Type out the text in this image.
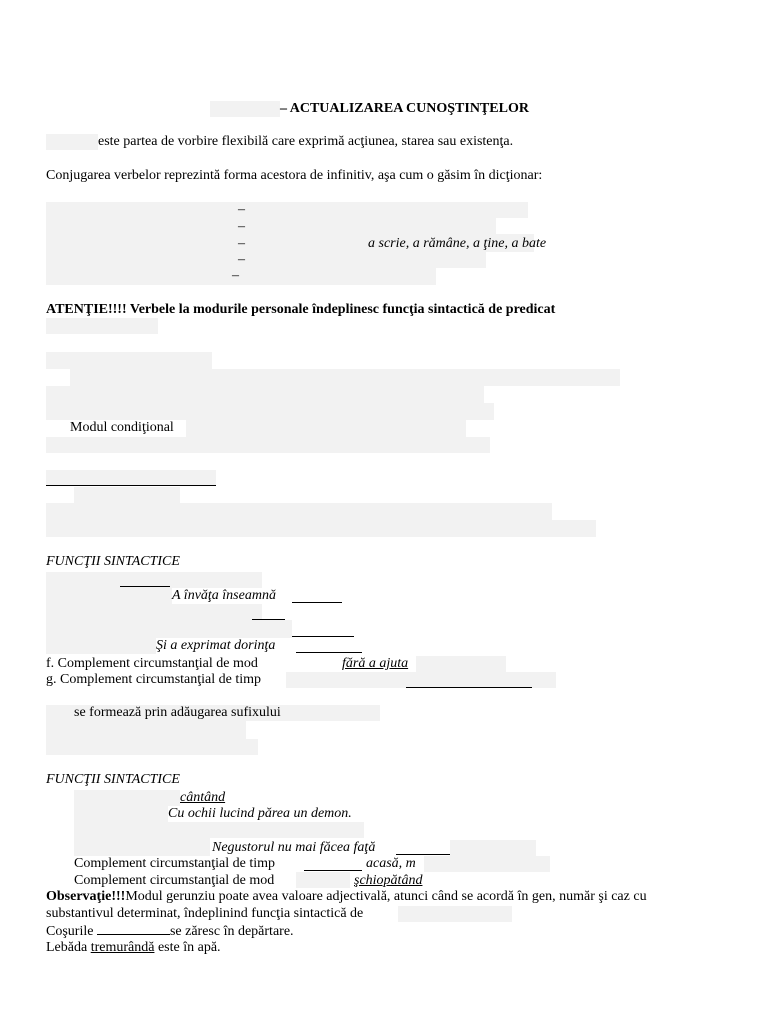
– ACTUALIZAREA CUNOŞTINŢELOR
este partea de vorbire flexibilă care exprimă acţiunea, starea sau existenţa.
Conjugarea verbelor reprezintă forma acestora de infinitiv, aşa cum o găsim în dicţionar:
–
–
–	a scrie, a rămâne, a ţine, a bate
–
–
ATENŢIE!!!! Verbele la modurile personale îndeplinesc funcţia sintactică de predicat
Modul condiţional
FUNCŢII SINTACTICE
A învăţa înseamnă
Şi a exprimat dorinţa
f. Complement circumstanţial de mod	fără a ajuta
g. Complement circumstanţial de timp
se formează prin adăugarea sufixului
FUNCŢII SINTACTICE
cântând
Cu ochii lucind părea un demon.
Negustorul nu mai făcea faţă
Complement circumstanţial de timp	acasă, m
Complement circumstanţial de mod	şchiopătând
Observaţie!!!Modul gerunziu poate avea valoare adjectivală, atunci când se acordă în gen, număr şi caz cu
substantivul determinat, îndeplinind funcţia sintactică de
Coşurile	se zăresc în depărtare.
Lebăda tremurândă este în apă.
